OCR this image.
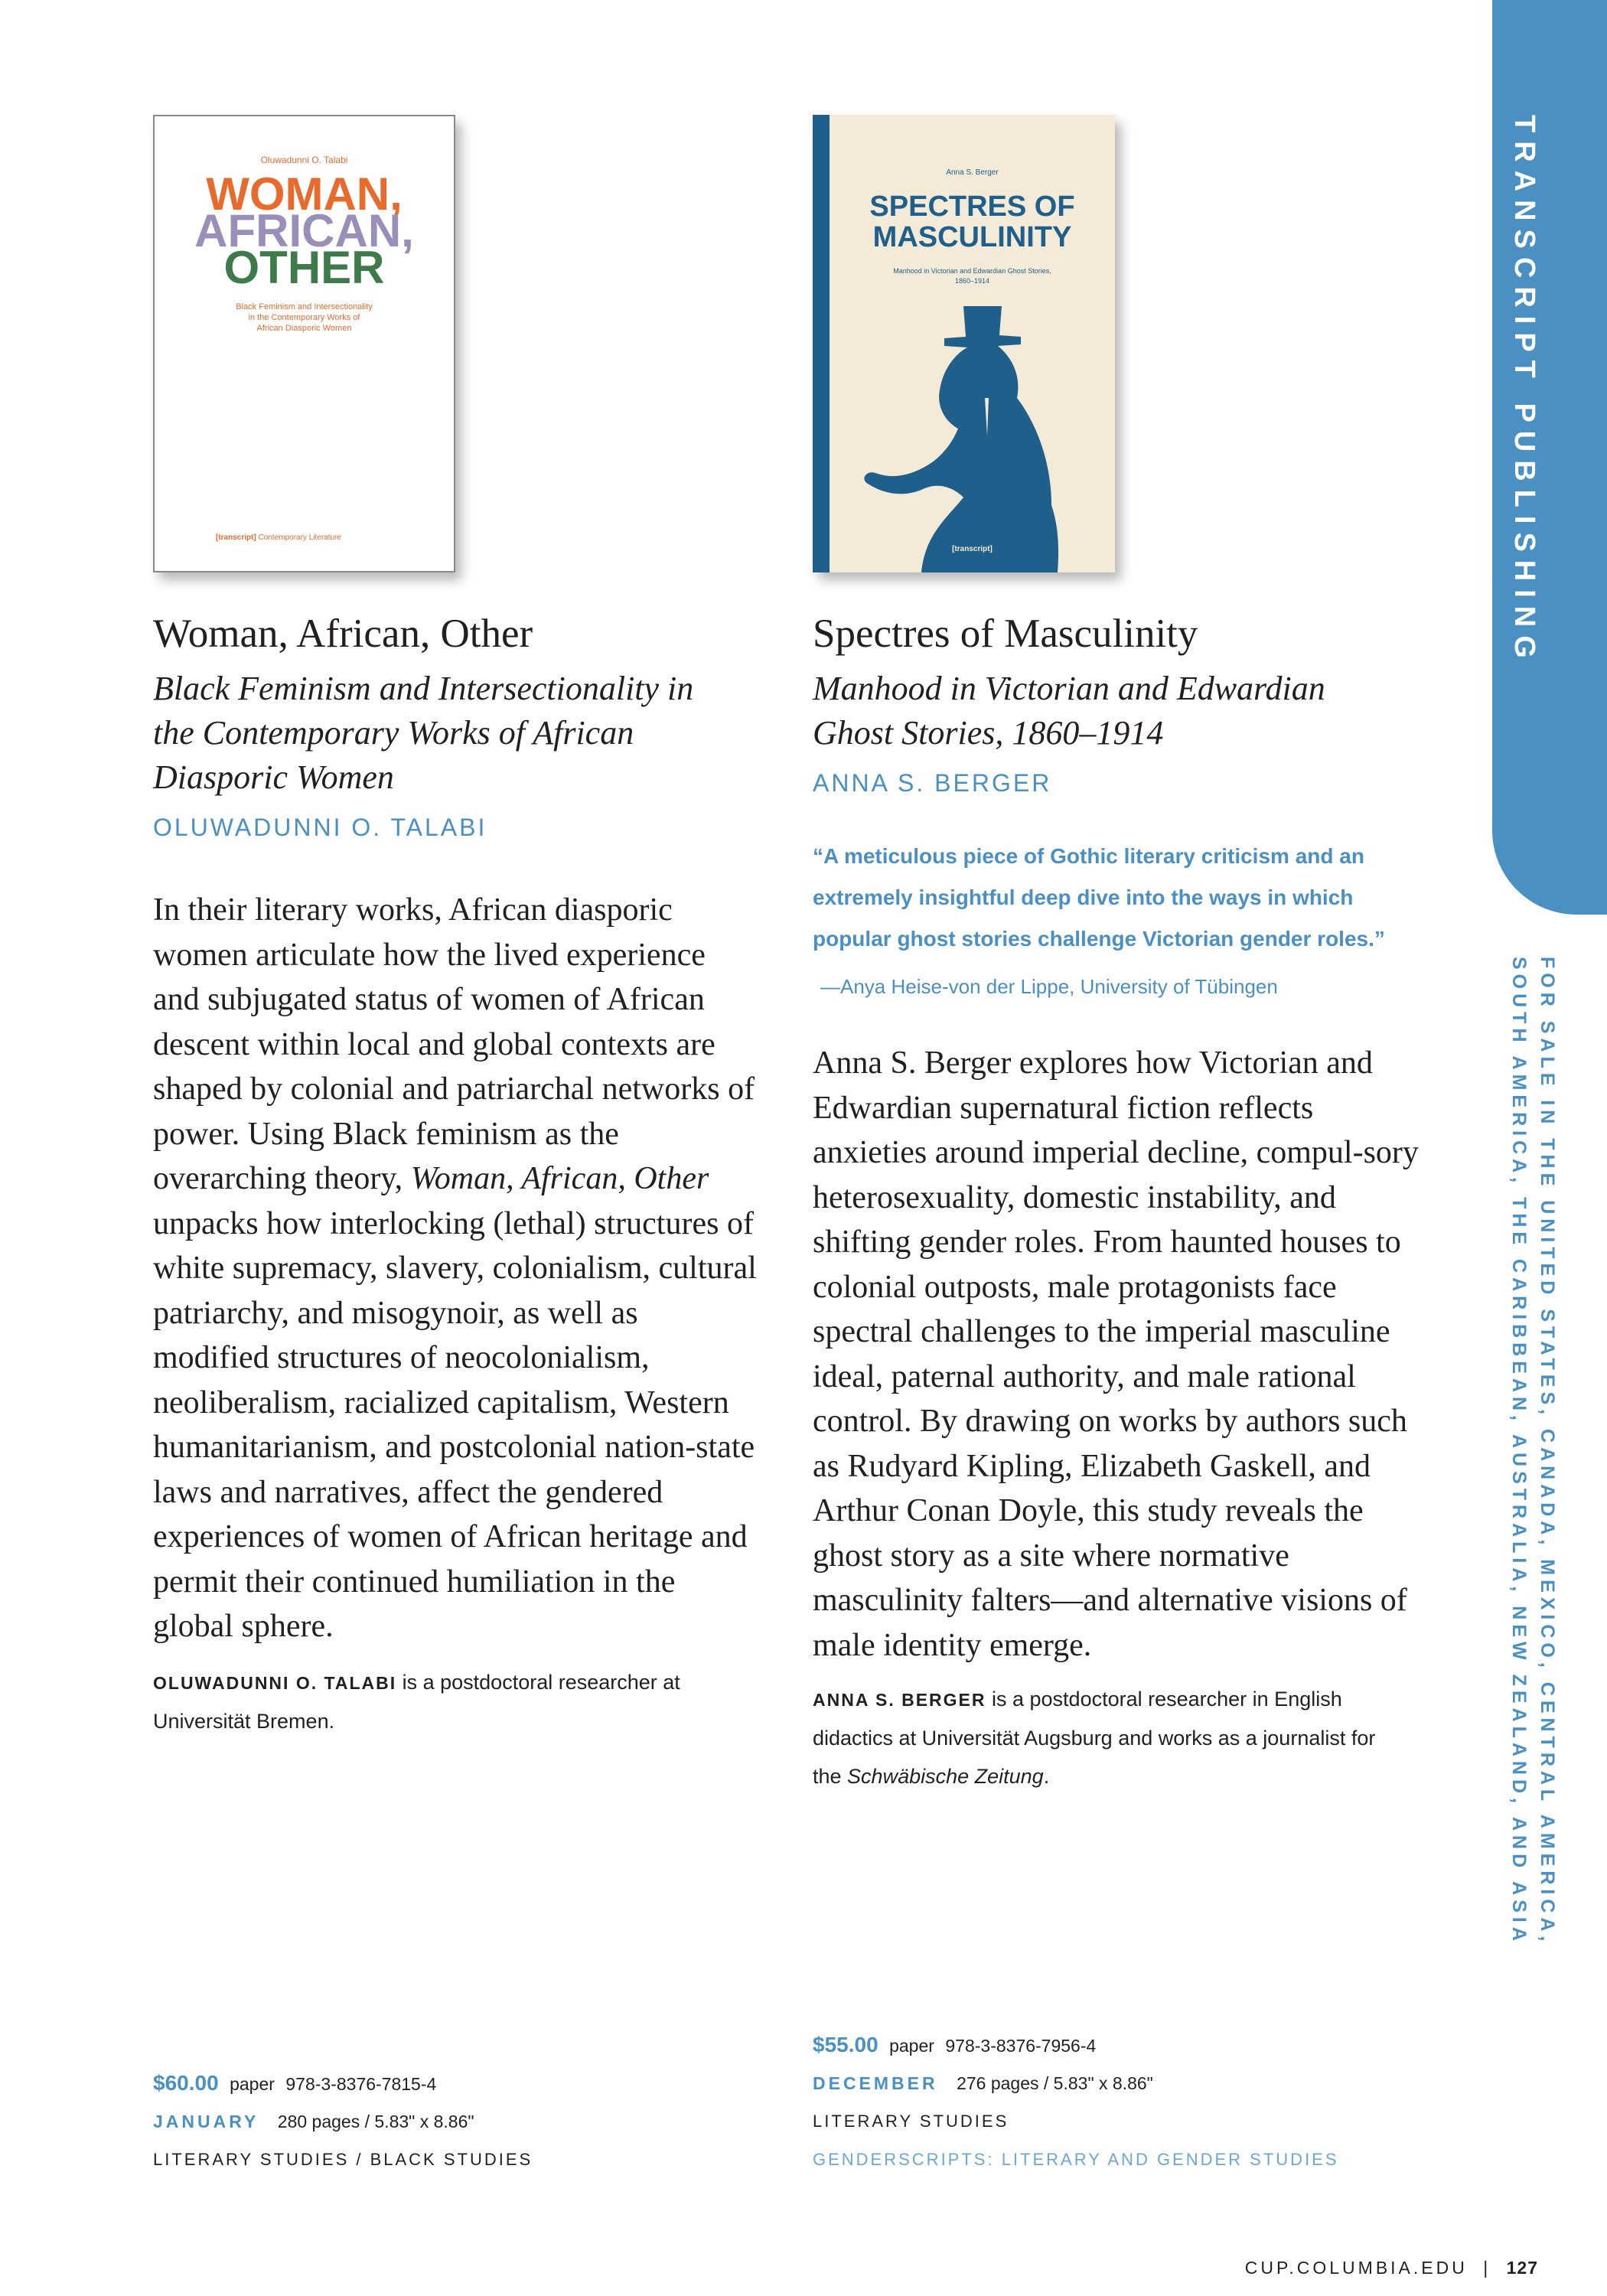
Oluwadunni O. Talabi
WOMAN,
AFRICAN,
OTHER
Black Feminism and Intersectionality
in the Contemporary Works of
African Diasporic Women
[transcript] Contemporary Literature
Anna S. Berger
SPECTRES OF
MASCULINITY
Manhood in Victorian and Edwardian Ghost Stories,
1860–1914
[transcript]
Woman, African, Other
Black Feminism and Intersectionality in the Contemporary Works of African Diasporic Women
OLUWADUNNI O. TALABI
In their literary works, African diasporic women articulate how the lived experience and subjugated status of women of African descent within local and global contexts are shaped by colonial and patriarchal networks of power. Using Black feminism as the overarching theory, Woman, African, Other unpacks how interlocking (lethal) structures of white supremacy, slavery, colonialism, cultural patriarchy, and misogynoir, as well as modified structures of neocolonialism, neoliberalism, racialized capitalism, Western humanitarianism, and postcolonial nation-state laws and narratives, affect the gendered experiences of women of African heritage and permit their continued humiliation in the global sphere.
OLUWADUNNI O. TALABI is a postdoctoral researcher at Universität Bremen.
Spectres of Masculinity
Manhood in Victorian and Edwardian Ghost Stories, 1860–1914
ANNA S. BERGER
“A meticulous piece of Gothic literary criticism and an extremely insightful deep dive into the ways in which popular ghost stories challenge Victorian gender roles.”
—Anya Heise-von der Lippe, University of Tübingen
Anna S. Berger explores how Victorian and Edwardian supernatural fiction reflects anxieties around imperial decline, compul-sory heterosexuality, domestic instability, and shifting gender roles. From haunted houses to colonial outposts, male protagonists face spectral challenges to the imperial masculine ideal, paternal authority, and male rational control. By drawing on works by authors such as Rudyard Kipling, Elizabeth Gaskell, and Arthur Conan Doyle, this study reveals the ghost story as a site where normative masculinity falters—and alternative visions of male identity emerge.
ANNA S. BERGER is a postdoctoral researcher in English didactics at Universität Augsburg and works as a journalist for the Schwäbische Zeitung.
$60.00 paper 978-3-8376-7815-4
JANUARY 280 pages / 5.83" x 8.86"
LITERARY STUDIES / BLACK STUDIES
$55.00 paper 978-3-8376-7956-4
DECEMBER 276 pages / 5.83" x 8.86"
LITERARY STUDIES
GENDERSCRIPTS: LITERARY AND GENDER STUDIES
TRANSCRIPT PUBLISHING
FOR SALE IN THE UNITED STATES, CANADA, MEXICO, CENTRAL AMERICA,
SOUTH AMERICA, THE CARIBBEAN, AUSTRALIA, NEW ZEALAND, AND ASIA
CUP.COLUMBIA.EDU | 127
